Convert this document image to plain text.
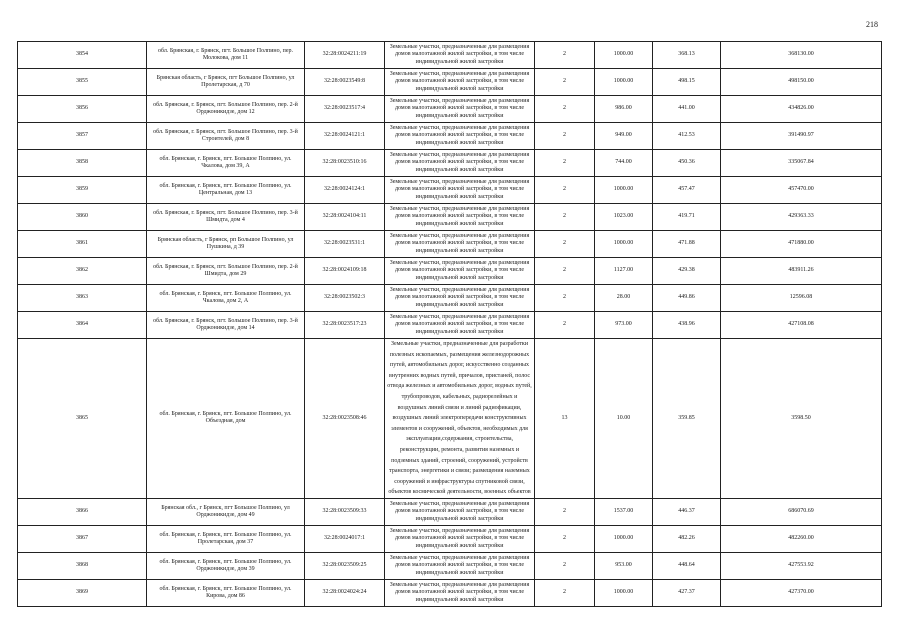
218
3854	обл. Брянская, г. Брянск, пгт. Большое Полпино, пер. Молокова, дом 11	32:28:0024211:19	Земельные участки, предназначенные для размещения домов малоэтажной жилой застройки, в том числе индивидуальной жилой застройки	2	1000.00	368.13	368130.00
3855	Брянская область, г Брянск, пгт Большое Полпино, ул Пролетарская, д 70	32:28:0023549:8	Земельные участки, предназначенные для размещения домов малоэтажной жилой застройки, в том числе индивидуальной жилой застройки	2	1000.00	498.15	498150.00
3856	обл. Брянская, г. Брянск, пгт. Большое Полпино, пер. 2-й Орджоникидзе, дом 12	32:28:0023517:4	Земельные участки, предназначенные для размещения домов малоэтажной жилой застройки, в том числе индивидуальной жилой застройки	2	986.00	441.00	434826.00
3857	обл. Брянская, г. Брянск, пгт. Большое Полпино, пер. 3-й Строителей, дом 8	32:28:0024121:1	Земельные участки, предназначенные для размещения домов малоэтажной жилой застройки, в том числе индивидуальной жилой застройки	2	949.00	412.53	391490.97
3858	обл. Брянская, г. Брянск, пгт. Большое Полпино, ул. Чкалова, дом 39, А	32:28:0023510:16	Земельные участки, предназначенные для размещения домов малоэтажной жилой застройки, в том числе индивидуальной жилой застройки	2	744.00	450.36	335067.84
3859	обл. Брянская, г. Брянск, пгт. Большое Полпино, ул. Центральная, дом 13	32:28:0024124:1	Земельные участки, предназначенные для размещения домов малоэтажной жилой застройки, в том числе индивидуальной жилой застройки	2	1000.00	457.47	457470.00
3860	обл. Брянская, г. Брянск, пгт. Большое Полпино, пер. 3-й Шмидта, дом 4	32:28:0024104:11	Земельные участки, предназначенные для размещения домов малоэтажной жилой застройки, в том числе индивидуальной жилой застройки	2	1023.00	419.71	429363.33
3861	Брянская область, г Брянск, рп Большое Полпино, ул Пушкина, д 39	32:28:0023531:1	Земельные участки, предназначенные для размещения домов малоэтажной жилой застройки, в том числе индивидуальной жилой застройки	2	1000.00	471.88	471880.00
3862	обл. Брянская, г. Брянск, пгт. Большое Полпино, пер. 2-й Шмидта, дом 29	32:28:0024109:18	Земельные участки, предназначенные для размещения домов малоэтажной жилой застройки, в том числе индивидуальной жилой застройки	2	1127.00	429.38	483911.26
3863	обл. Брянская, г. Брянск, пгт. Большое Полпино, ул. Чкалова, дом 2, А	32:28:0023502:3	Земельные участки, предназначенные для размещения домов малоэтажной жилой застройки, в том числе индивидуальной жилой застройки	2	28.00	449.86	12596.08
3864	обл. Брянская, г. Брянск, пгт. Большое Полпино, пер. 3-й Орджоникидзе, дом 14	32:28:0023517:23	Земельные участки, предназначенные для размещения домов малоэтажной жилой застройки, в том числе индивидуальной жилой застройки	2	973.00	438.96	427108.08
3865	обл. Брянская, г. Брянск, пгт. Большое Полпино, ул. Объездная, дом	32:28:0023508:46	Земельные участки, предназначенные для разработки полезных ископаемых, размещения железнодорожных путей, автомобильных дорог, искусственно созданных внутренних водных путей, причалов, пристаней, полос отвода железных и автомобильных дорог, водных путей, трубопроводов, кабельных, радиорелейных и воздушных линий связи и линий радиофикации, воздушных линий электропередачи конструктивных элементов и сооружений, объектов, необходимых для эксплуатации,содержания, строительства, реконструкции, ремонта, развития наземных и подземных зданий, строений, сооружений, устройств транспорта, энергетики и связи; размещения наземных сооружений и инфраструктуры спутниковой связи, объектов космической деятельности, военных объектов	13	10.00	359.85	3598.50
3866	Брянская обл., г Брянск, пгт Большое Полпино, ул Орджоникидзе, дом 49	32:28:0023509:33	Земельные участки, предназначенные для размещения домов малоэтажной жилой застройки, в том числе индивидуальной жилой застройки	2	1537.00	446.37	686070.69
3867	обл. Брянская, г. Брянск, пгт. Большое Полпино, ул. Пролетарская, дом 37	32:28:0024017:1	Земельные участки, предназначенные для размещения домов малоэтажной жилой застройки, в том числе индивидуальной жилой застройки	2	1000.00	482.26	482260.00
3868	обл. Брянская, г. Брянск, пгт. Большое Полпино, ул. Орджоникидзе, дом 39	32:28:0023509:25	Земельные участки, предназначенные для размещения домов малоэтажной жилой застройки, в том числе индивидуальной жилой застройки	2	953.00	448.64	427553.92
3869	обл. Брянская, г. Брянск, пгт. Большое Полпино, ул. Кирова, дом 86	32:28:0024024:24	Земельные участки, предназначенные для размещения домов малоэтажной жилой застройки, в том числе индивидуальной жилой застройки	2	1000.00	427.37	427370.00
